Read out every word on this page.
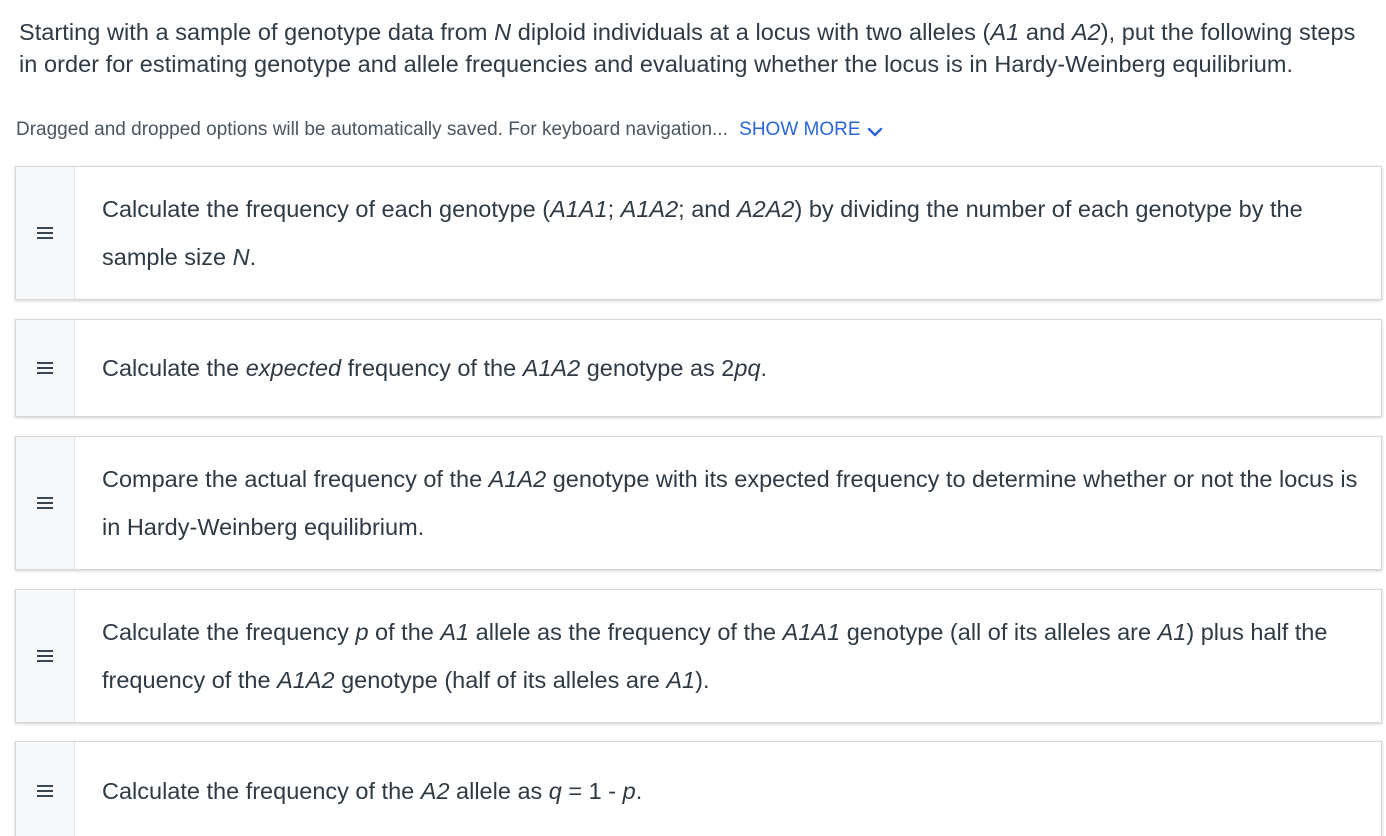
Starting with a sample of genotype data from N diploid individuals at a locus with two alleles (A1 and A2), put the following steps in order for estimating genotype and allele frequencies and evaluating whether the locus is in Hardy-Weinberg equilibrium.
Dragged and dropped options will be automatically saved. For keyboard navigation... SHOW MORE
Calculate the frequency of each genotype (A1A1; A1A2; and A2A2) by dividing the number of each genotype by the sample size N.
Calculate the expected frequency of the A1A2 genotype as 2pq.
Compare the actual frequency of the A1A2 genotype with its expected frequency to determine whether or not the locus is in Hardy-Weinberg equilibrium.
Calculate the frequency p of the A1 allele as the frequency of the A1A1 genotype (all of its alleles are A1) plus half the frequency of the A1A2 genotype (half of its alleles are A1).
Calculate the frequency of the A2 allele as q = 1 - p.
